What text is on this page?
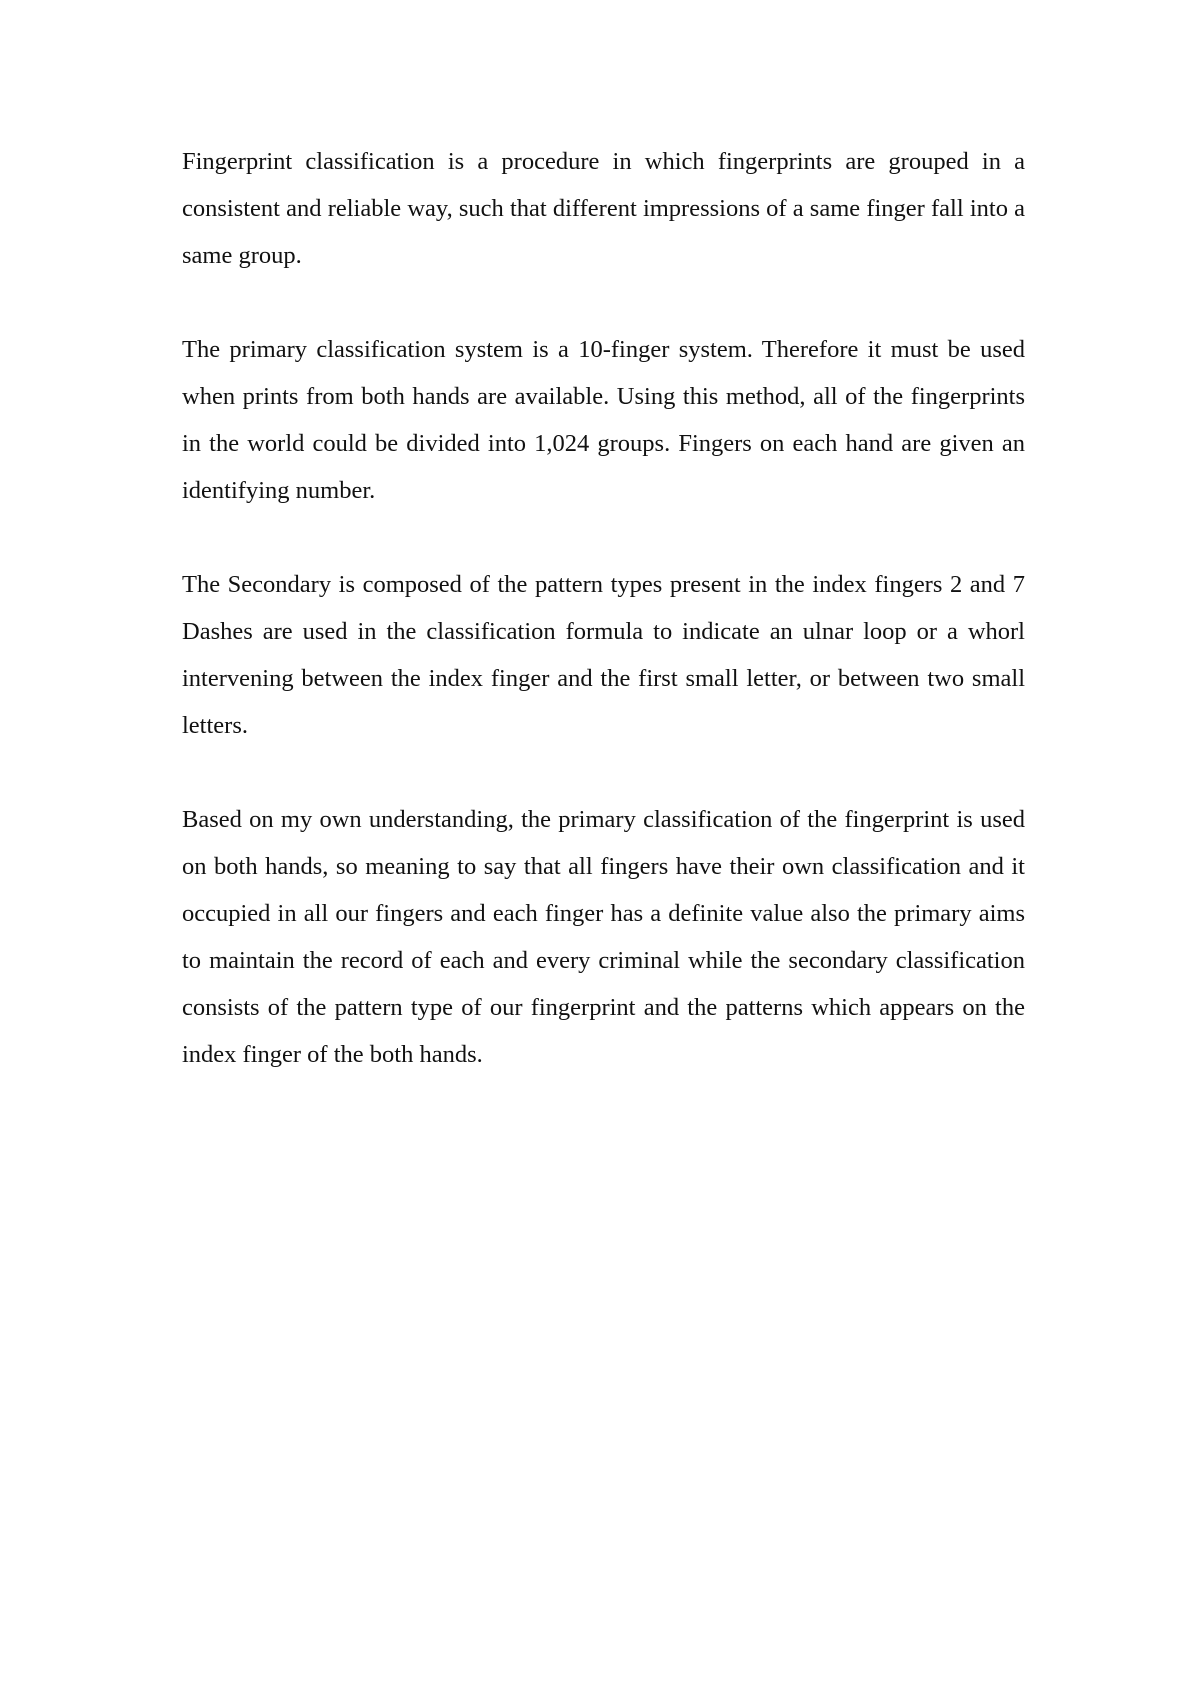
Fingerprint classification is a procedure in which fingerprints are grouped in a consistent and reliable way, such that different impressions of a same finger fall into a same group.

The primary classification system is a 10-finger system. Therefore it must be used when prints from both hands are available. Using this method, all of the fingerprints in the world could be divided into 1,024 groups. Fingers on each hand are given an identifying number.

The Secondary is composed of the pattern types present in the index fingers 2 and 7 Dashes are used in the classification formula to indicate an ulnar loop or a whorl intervening between the index finger and the first small letter, or between two small letters.

Based on my own understanding, the primary classification of the fingerprint is used on both hands, so meaning to say that all fingers have their own classification and it occupied in all our fingers and each finger has a definite value also the primary aims to maintain the record of each and every criminal while the secondary classification consists of the pattern type of our fingerprint and the patterns which appears on the index finger of the both hands.
